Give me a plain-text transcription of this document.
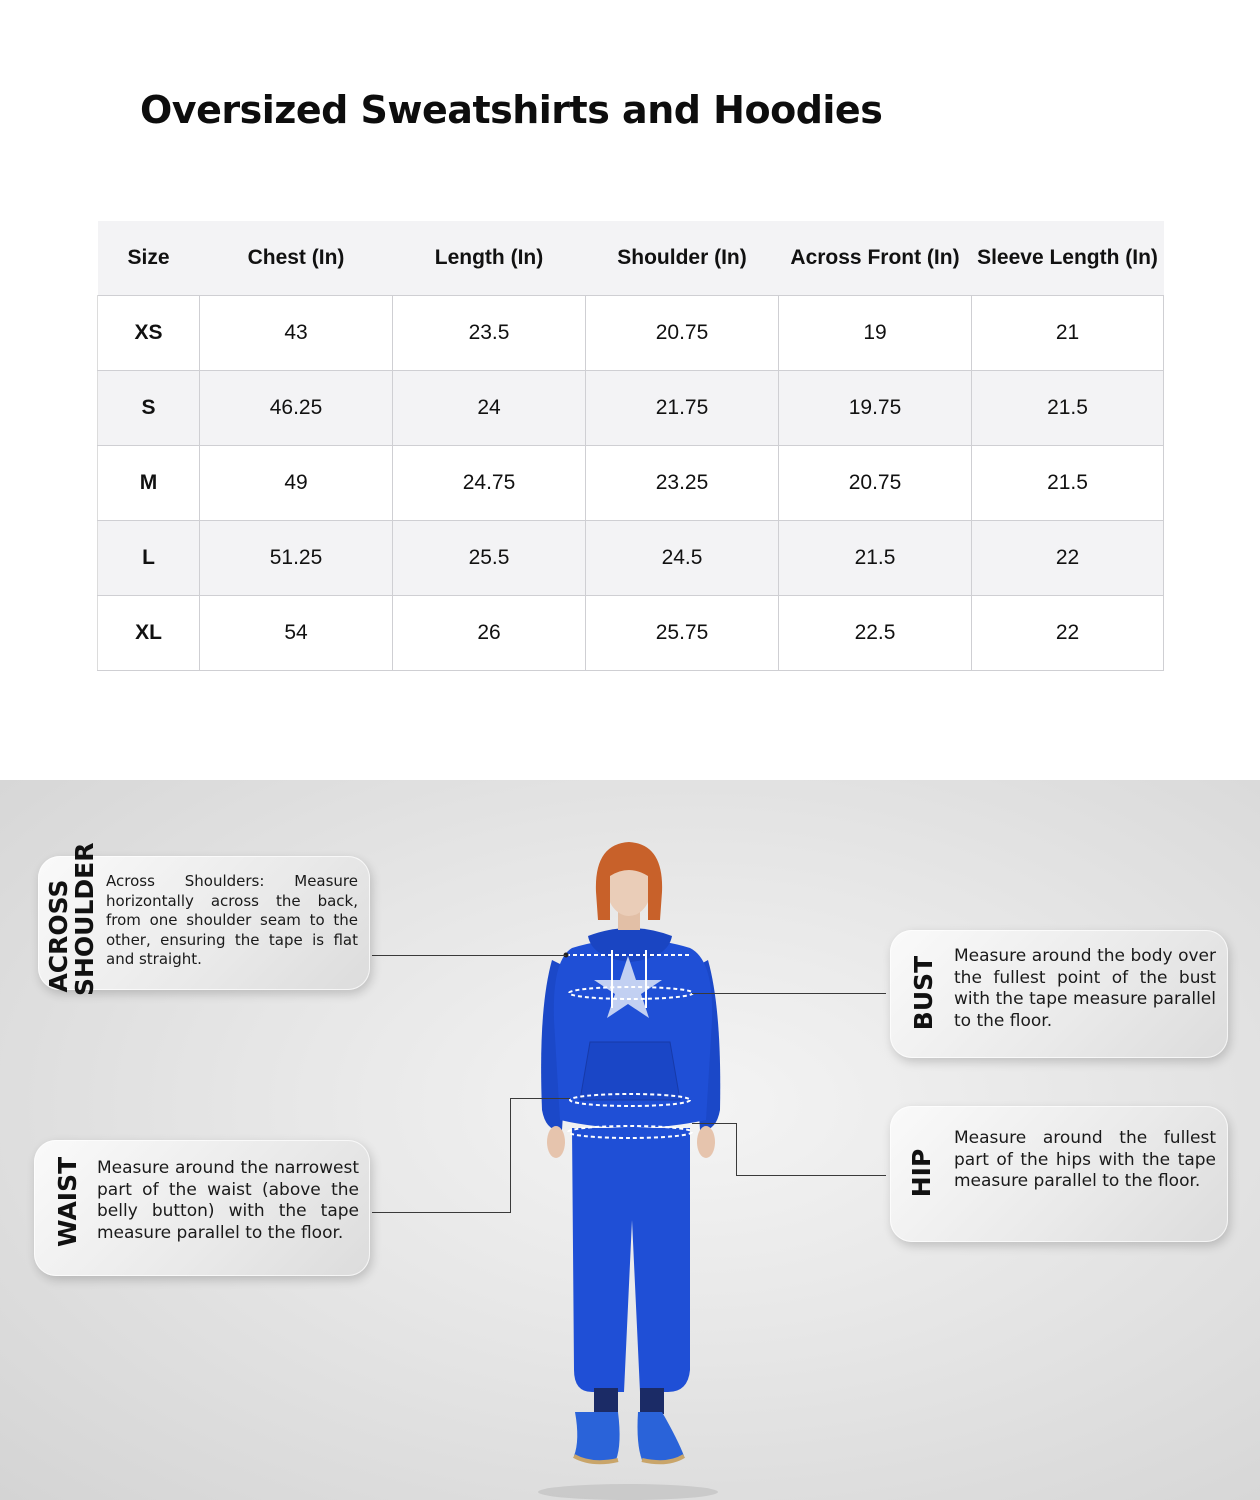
Oversized Sweatshirts and Hoodies
Size	Chest (In)	Length (In)	Shoulder (In)	Across Front (In)	Sleeve Length (In)
XS	43	23.5	20.75	19	21
S	46.25	24	21.75	19.75	21.5
M	49	24.75	23.25	20.75	21.5
L	51.25	25.5	24.5	21.5	22
XL	54	26	25.75	22.5	22
ACROSS
SHOULDER Across Shoulders: Measure horizontally across the back, from one shoulder seam to the other, ensuring the tape is flat and straight.	BUST Measure around the body over the fullest point of the bust with the tape measure parallel to the floor.

WAIST Measure around the narrowest part of the waist (above the belly button) with the tape measure parallel to the floor.

HIP

Measure around the fullest part of the hips with the tape measure parallel to the floor.
